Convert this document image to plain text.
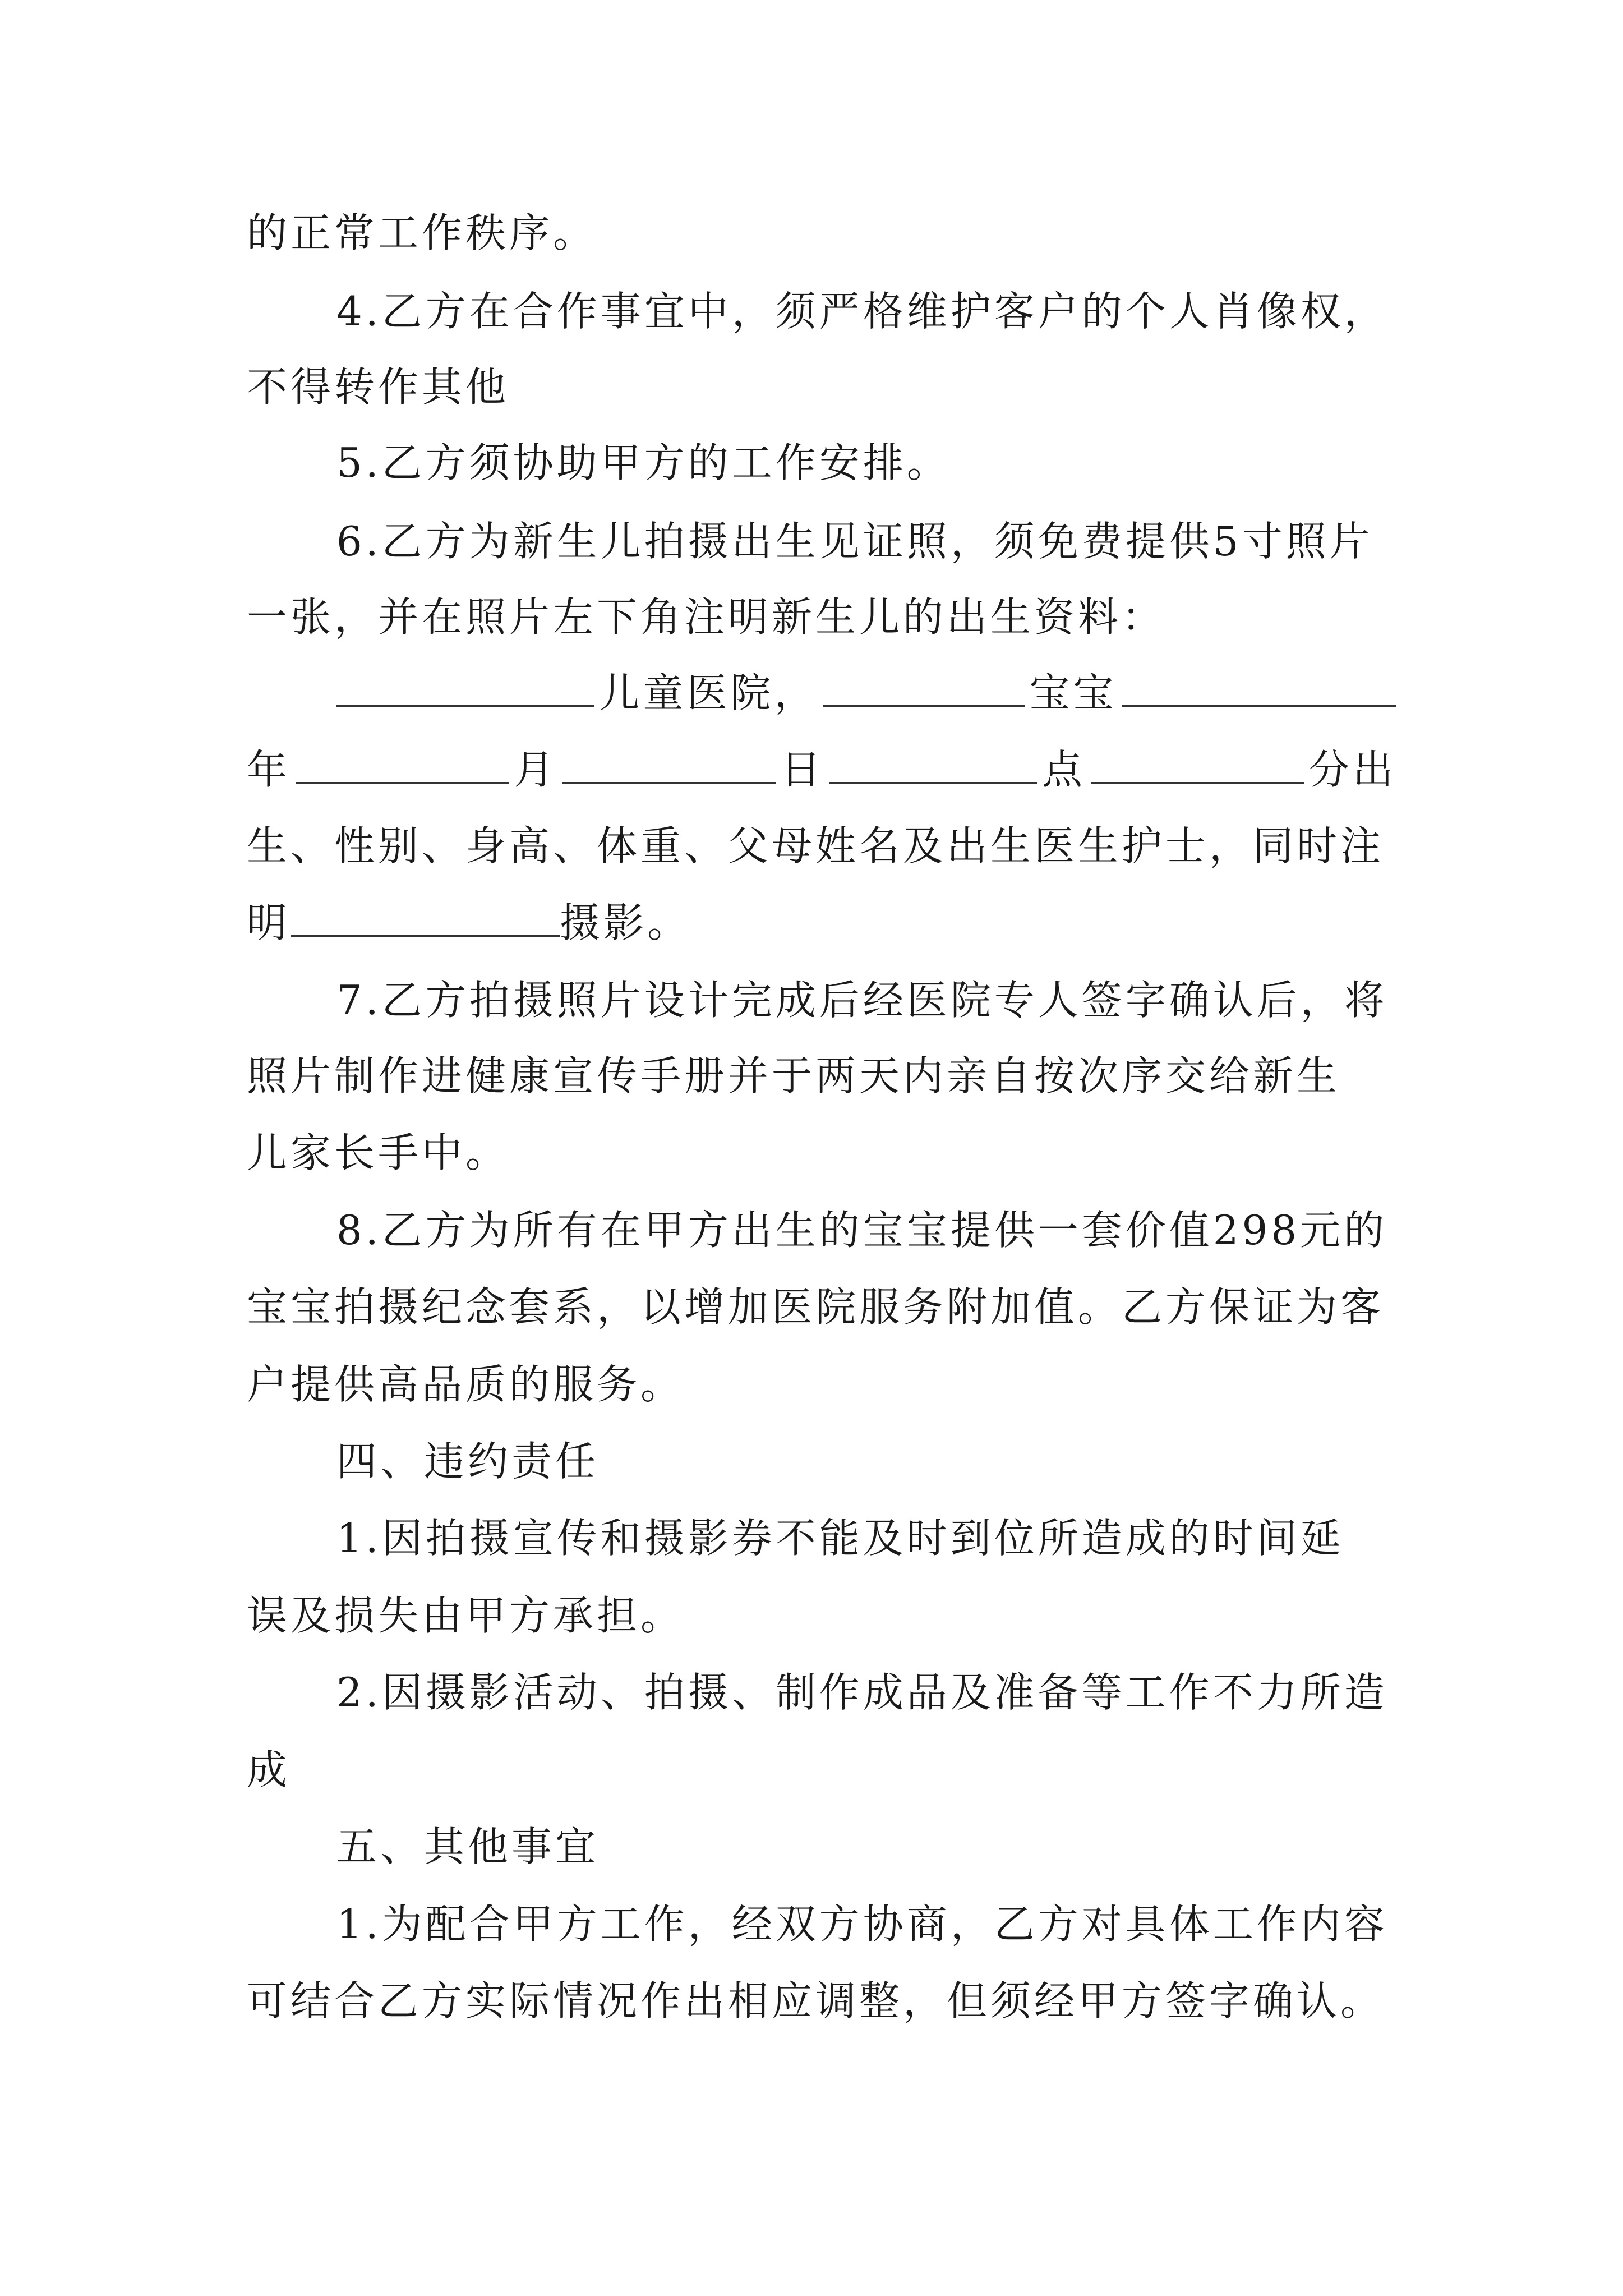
的正常工作秩序。
4.乙方在合作事宜中，须严格维护客户的个人肖像权，
不得转作其他
5.乙方须协助甲方的工作安排。
6.乙方为新生儿拍摄出生见证照，须免费提供5寸照片
一张，并在照片左下角注明新生儿的出生资料：
儿童医院，	宝宝
年	月	日	点	分出
生、性别、身高、体重、父母姓名及出生医生护士，同时注
明	摄影。
7.乙方拍摄照片设计完成后经医院专人签字确认后，将
照片制作进健康宣传手册并于两天内亲自按次序交给新生
儿家长手中。
8.乙方为所有在甲方出生的宝宝提供一套价值298元的
宝宝拍摄纪念套系，以增加医院服务附加值。乙方保证为客
户提供高品质的服务。
四、违约责任
1.因拍摄宣传和摄影券不能及时到位所造成的时间延
误及损失由甲方承担。
2.因摄影活动、拍摄、制作成品及准备等工作不力所造
成
五、其他事宜
1.为配合甲方工作，经双方协商，乙方对具体工作内容
可结合乙方实际情况作出相应调整，但须经甲方签字确认。
